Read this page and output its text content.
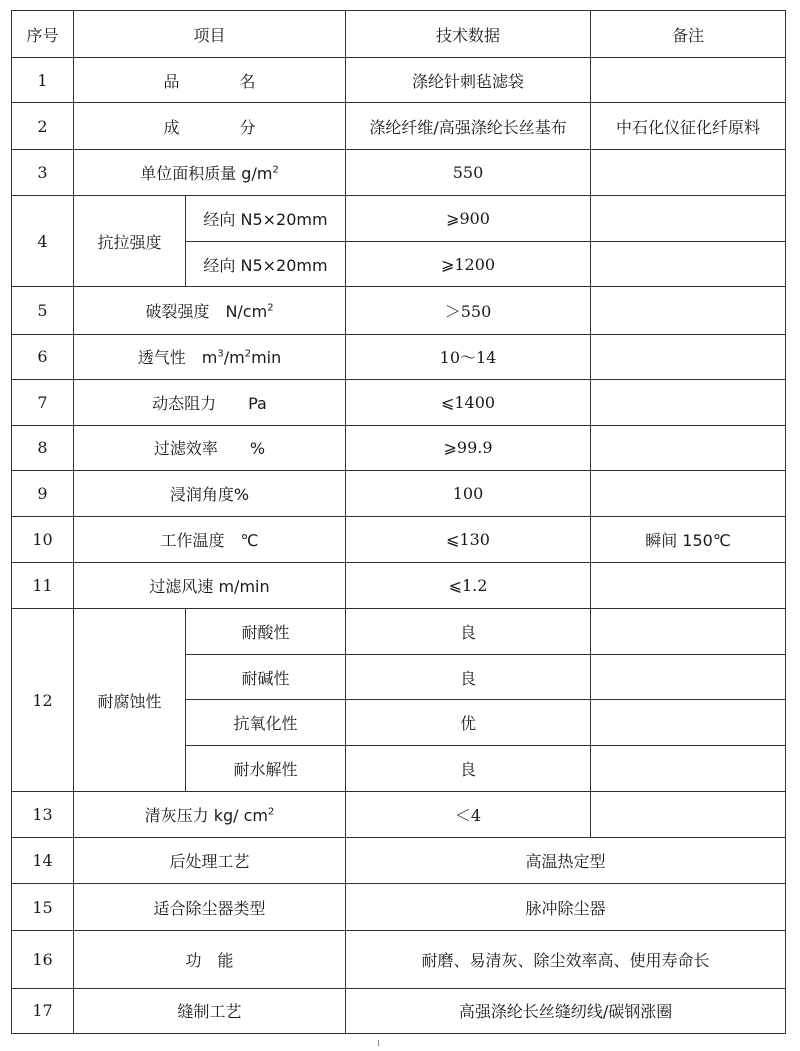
序号	项目		技术数据	备注
1	品 名		涤纶针刺毡滤袋	
2	成 分		涤纶纤维/高强涤纶长丝基布	中石化仪征化纤原料
3	单位面积质量 $g/m^2$		550	
4	抗拉强度	经向 N5×20mm	⩾900	
		经向 N5×20mm	⩾1200	
5	破裂强度　$N/cm^2$		＞550	
6	透气性　$m^3/m^2\min$		10～14	
7	动态阻力　　Pa		⩽1400	
8	过滤效率　　%		⩾99.9	
9	浸润角度%		100	
10	工作温度　℃		⩽130	瞬间 150℃
11	过滤风速 m/min		⩽1.2	
12	耐腐蚀性	耐酸性	良	
		耐碱性	良	
		抗氧化性	优	
		耐水解性	良	
13	清灰压力 kg/ $cm^2$		＜4	
14	后处理工艺		高温热定型	
15	适合除尘器类型		脉冲除尘器	
16	功　能		耐磨、易清灰、除尘效率高、使用寿命长	
17	缝制工艺		高强涤纶长丝缝纫线/碳钢涨圈	
